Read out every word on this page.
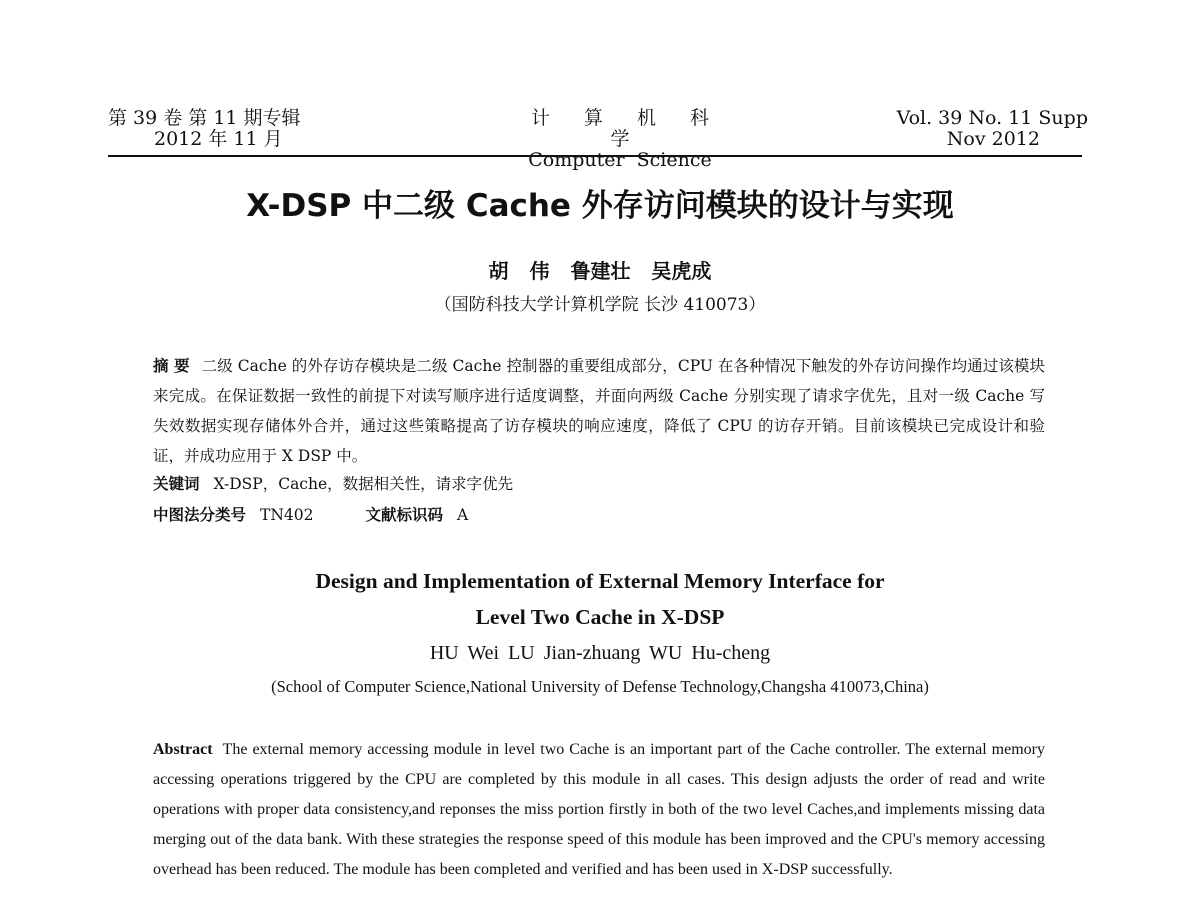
第 39 卷 第 11 期专辑
2012 年 11 月
计 算 机 科 学
Computer Science
Vol. 39 No. 11 Supp
Nov 2012
X-DSP 中二级 Cache 外存访问模块的设计与实现
胡 伟 鲁建壮 吴虎成
（国防科技大学计算机学院 长沙 410073）
摘 要 二级 Cache 的外存访存模块是二级 Cache 控制器的重要组成部分，CPU 在各种情况下触发的外存访问操作均通过该模块来完成。在保证数据一致性的前提下对读写顺序进行适度调整，并面向两级 Cache 分别实现了请求字优先，且对一级 Cache 写失效数据实现存储体外合并，通过这些策略提高了访存模块的响应速度，降低了 CPU 的访存开销。目前该模块已完成设计和验证，并成功应用于 X DSP 中。
关键词 X-DSP，Cache，数据相关性，请求字优先
中图法分类号 TN402	文献标识码 A
Design and Implementation of External Memory Interface for
Level Two Cache in X-DSP
HU Wei LU Jian-zhuang WU Hu-cheng
(School of Computer Science,National University of Defense Technology,Changsha 410073,China)
Abstract The external memory accessing module in level two Cache is an important part of the Cache controller. The external memory accessing operations triggered by the CPU are completed by this module in all cases. This design adjusts the order of read and write operations with proper data consistency,and reponses the miss portion firstly in both of the two level Caches,and implements missing data merging out of the data bank. With these strategies the response speed of this module has been improved and the CPU's memory accessing overhead has been reduced. The module has been completed and verified and has been used in X-DSP successfully.
